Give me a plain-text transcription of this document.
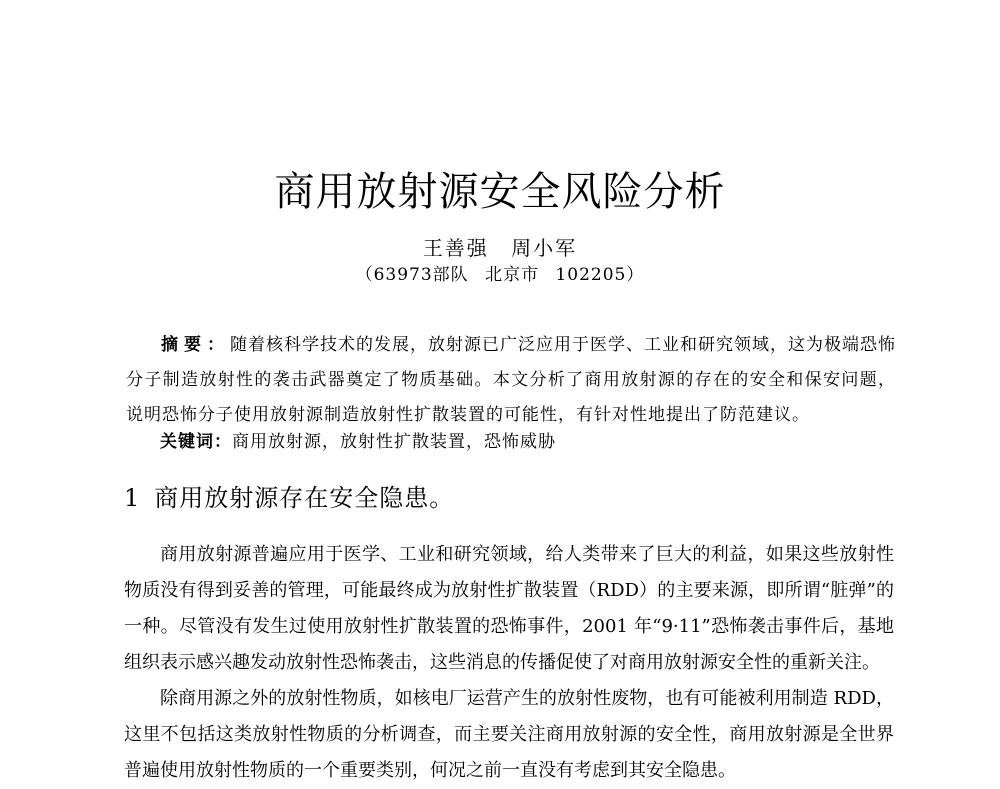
商用放射源安全风险分析
王善强 周小军
（63973部队 北京市 102205）
摘要：随着核科学技术的发展，放射源已广泛应用于医学、工业和研究领域，这为极端恐怖分子制造放射性的袭击武器奠定了物质基础。本文分析了商用放射源的存在的安全和保安问题，说明恐怖分子使用放射源制造放射性扩散装置的可能性，有针对性地提出了防范建议。
关键词：商用放射源，放射性扩散装置，恐怖威胁
1 商用放射源存在安全隐患。

商用放射源普遍应用于医学、工业和研究领域，给人类带来了巨大的利益，如果这些放射性物质没有得到妥善的管理，可能最终成为放射性扩散装置（RDD）的主要来源，即所谓“脏弹”的一种。尽管没有发生过使用放射性扩散装置的恐怖事件，2001 年“9·11”恐怖袭击事件后，基地组织表示感兴趣发动放射性恐怖袭击，这些消息的传播促使了对商用放射源安全性的重新关注。

除商用源之外的放射性物质，如核电厂运营产生的放射性废物，也有可能被利用制造 RDD，这里不包括这类放射性物质的分析调查，而主要关注商用放射源的安全性，商用放射源是全世界普遍使用放射性物质的一个重要类别，何况之前一直没有考虑到其安全隐患。
